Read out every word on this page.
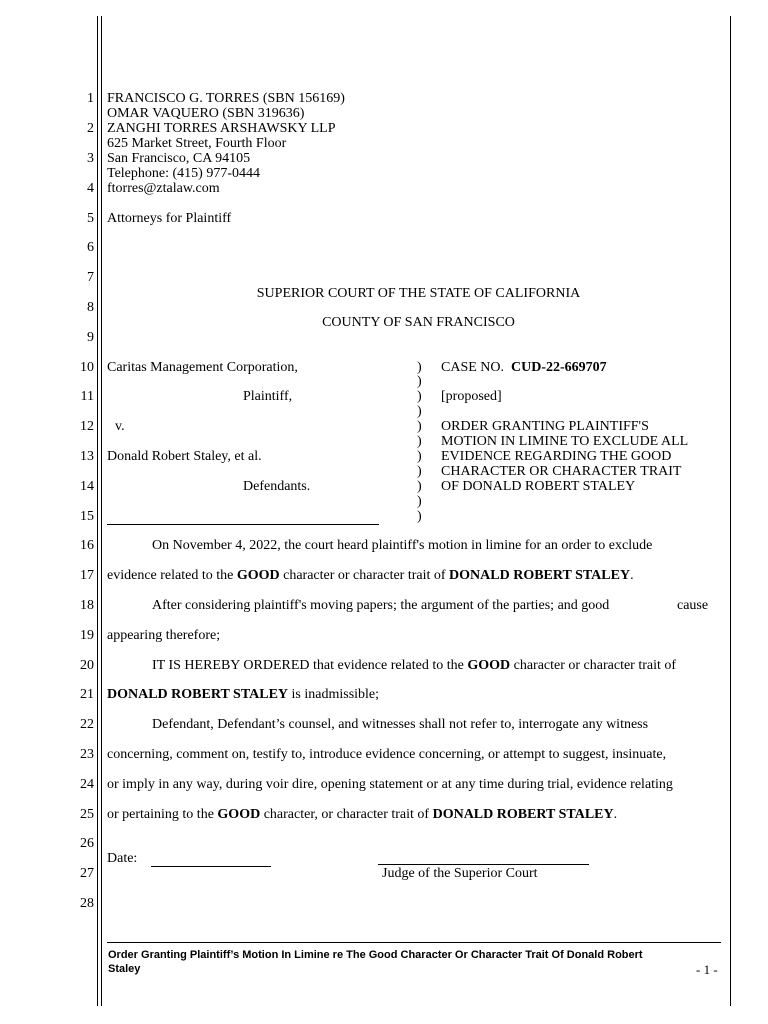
1
2
3
4
5
6
7
8
9
10
11
12
13
14
15
16
17
18
19
20
21
22
23
24
25
26
27
28
FRANCISCO G. TORRES (SBN 156169)
OMAR VAQUERO (SBN 319636)
ZANGHI TORRES ARSHAWSKY LLP
625 Market Street, Fourth Floor
San Francisco, CA 94105
Telephone: (415) 977-0444
ftorres@ztalaw.com
Attorneys for Plaintiff
SUPERIOR COURT OF THE STATE OF CALIFORNIA
COUNTY OF SAN FRANCISCO
Caritas Management Corporation,
Plaintiff,
v.
Donald Robert Staley, et al.
Defendants.
)
)
)
)
)
)
)
)
)
)
)
CASE NO. CUD-22-669707
[proposed]
ORDER GRANTING PLAINTIFF'S
MOTION IN LIMINE TO EXCLUDE ALL
EVIDENCE REGARDING THE GOOD
CHARACTER OR CHARACTER TRAIT
OF DONALD ROBERT STALEY
On November 4, 2022, the court heard plaintiff's motion in limine for an order to exclude
evidence related to the GOOD character or character trait of DONALD ROBERT STALEY.
After considering plaintiff's moving papers; the argument of the parties; and good	cause
appearing therefore;
IT IS HEREBY ORDERED that evidence related to the GOOD character or character trait of
DONALD ROBERT STALEY is inadmissible;
Defendant, Defendant’s counsel, and witnesses shall not refer to, interrogate any witness
concerning, comment on, testify to, introduce evidence concerning, or attempt to suggest, insinuate,
or imply in any way, during voir dire, opening statement or at any time during trial, evidence relating
or pertaining to the GOOD character, or character trait of DONALD ROBERT STALEY.
Date:
Judge of the Superior Court
Order Granting Plaintiff’s Motion In Limine re The Good Character Or Character Trait Of Donald Robert
Staley	- 1 -
